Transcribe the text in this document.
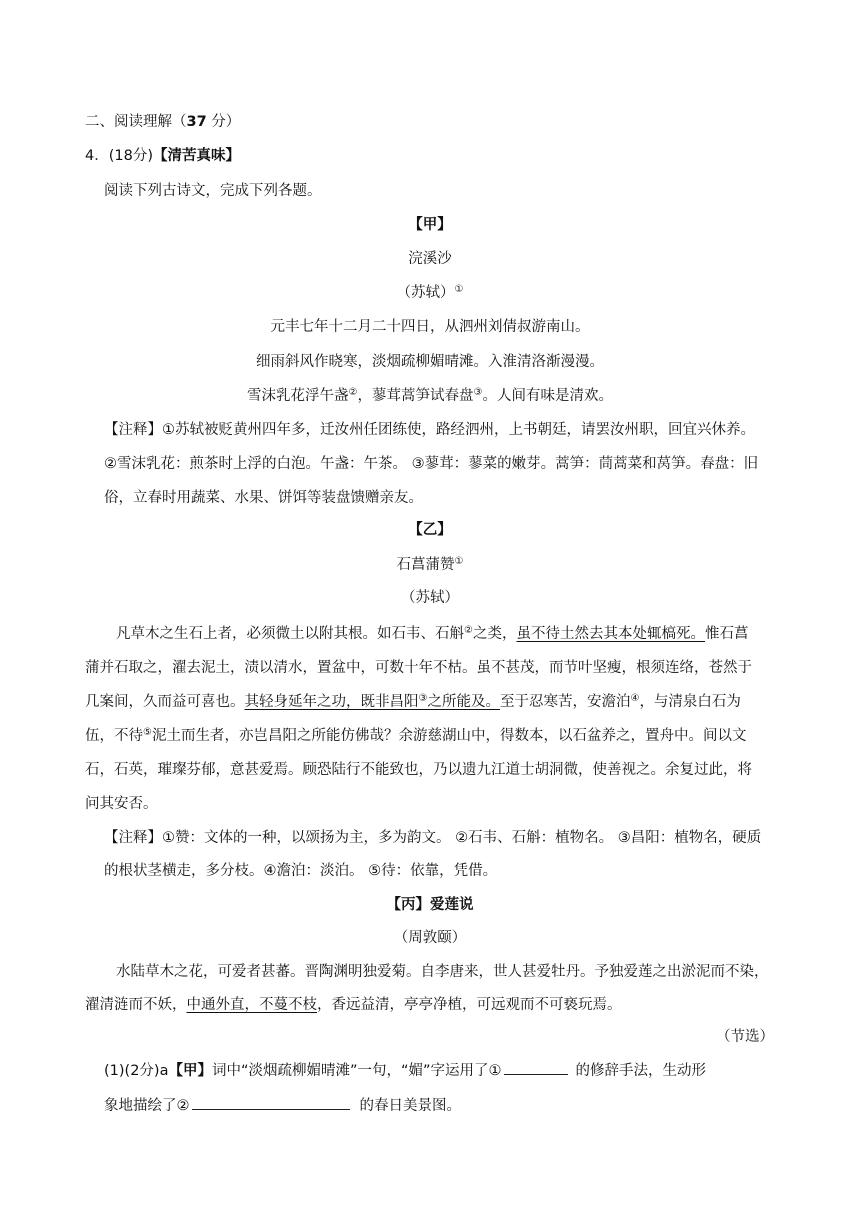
二、阅读理解（37 分）
4．(18分)【清苦真味】
阅读下列古诗文，完成下列各题。
【甲】
浣溪沙
（苏轼）①
元丰七年十二月二十四日，从泗州刘倩叔游南山。
细雨斜风作晓寒，淡烟疏柳媚晴滩。入淮清洛渐漫漫。
雪沫乳花浮午盏②，蓼茸蒿笋试春盘③。人间有味是清欢。
【注释】①苏轼被贬黄州四年多，迁汝州任团练使，路经泗州，上书朝廷，请罢汝州职，回宜兴休养。
②雪沫乳花：煎茶时上浮的白泡。午盏：午茶。 ③蓼茸：蓼菜的嫩芽。蒿笋：茼蒿菜和莴笋。春盘：旧
俗，立春时用蔬菜、水果、饼饵等装盘馈赠亲友。
【乙】
石菖蒲赞①
（苏轼）
凡草木之生石上者，必须微土以附其根。如石韦、石斛②之类，虽不待土然去其本处辄槁死。惟石菖
蒲并石取之，濯去泥土，渍以清水，置盆中，可数十年不枯。虽不甚茂，而节叶坚瘦，根须连络，苍然于
几案间，久而益可喜也。其轻身延年之功，既非昌阳③之所能及。至于忍寒苦，安澹泊④，与清泉白石为
伍，不待⑤泥土而生者，亦岂昌阳之所能仿佛哉？余游慈湖山中，得数本，以石盆养之，置舟中。间以文
石，石英，璀璨芬郁，意甚爱焉。顾恐陆行不能致也，乃以遗九江道士胡洞微，使善视之。余复过此，将
问其安否。
【注释】①赞：文体的一种，以颂扬为主，多为韵文。 ②石韦、石斛：植物名。 ③昌阳：植物名，硬质
的根状茎横走，多分枝。④澹泊：淡泊。 ⑤待：依靠，凭借。
【丙】爱莲说
（周敦颐）
水陆草木之花，可爱者甚蕃。晋陶渊明独爱菊。自李唐来，世人甚爱牡丹。予独爱莲之出淤泥而不染，
濯清涟而不妖，中通外直，不蔓不枝，香远益清，亭亭净植，可远观而不可亵玩焉。
（节选）
(1)(2分)a【甲】词中“淡烟疏柳媚晴滩”一句，“媚”字运用了①	的修辞手法，生动形
象地描绘了②	的春日美景图。
